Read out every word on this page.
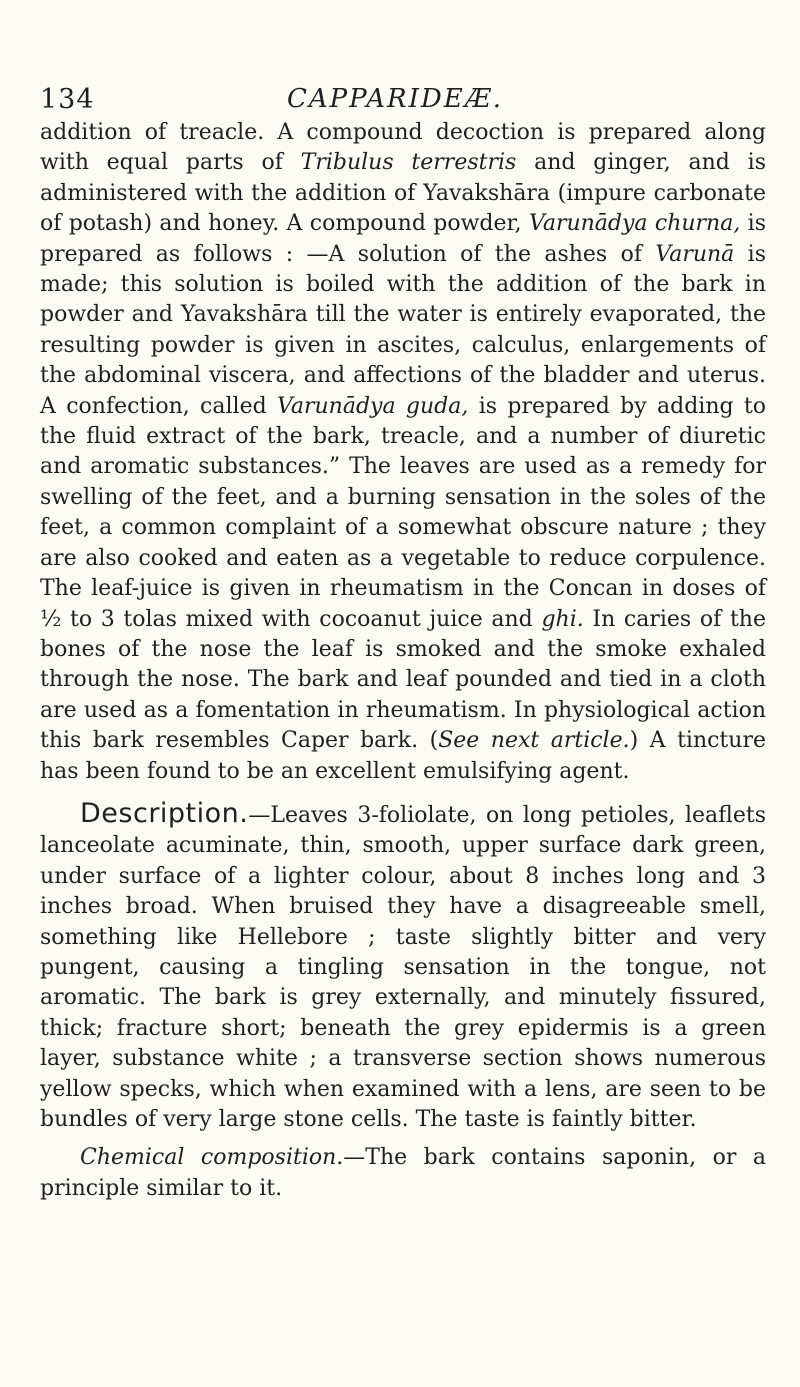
134	CAPPARIDEÆ.

addition of treacle. A compound decoction is prepared along with equal parts of Tribulus terrestris and ginger, and is administered with the addition of Yavakshāra (impure carbonate of potash) and honey. A compound powder, Varunādya churna, is prepared as follows : —A solution of the ashes of Varunā is made; this solution is boiled with the addition of the bark in powder and Yavakshāra till the water is entirely evaporated, the resulting powder is given in ascites, calculus, enlargements of the abdominal viscera, and affections of the bladder and uterus. A confection, called Varunādya guda, is prepared by adding to the fluid extract of the bark, treacle, and a number of diuretic and aromatic substances.” The leaves are used as a remedy for swelling of the feet, and a burning sensation in the soles of the feet, a common complaint of a somewhat obscure nature ; they are also cooked and eaten as a vegetable to reduce corpulence. The leaf-juice is given in rheumatism in the Concan in doses of ½ to 3 tolas mixed with cocoanut juice and ghi. In caries of the bones of the nose the leaf is smoked and the smoke exhaled through the nose. The bark and leaf pounded and tied in a cloth are used as a fomentation in rheumatism. In physiological action this bark resembles Caper bark. (See next article.) A tincture has been found to be an excellent emulsifying agent.

Description.—Leaves 3-foliolate, on long petioles, leaflets lanceolate acuminate, thin, smooth, upper surface dark green, under surface of a lighter colour, about 8 inches long and 3 inches broad. When bruised they have a disagreeable smell, something like Hellebore ; taste slightly bitter and very pungent, causing a tingling sensation in the tongue, not aromatic. The bark is grey externally, and minutely fissured, thick; fracture short; beneath the grey epidermis is a green layer, substance white ; a transverse section shows numerous yellow specks, which when examined with a lens, are seen to be bundles of very large stone cells. The taste is faintly bitter.

Chemical composition.—The bark contains saponin, or a principle similar to it.
